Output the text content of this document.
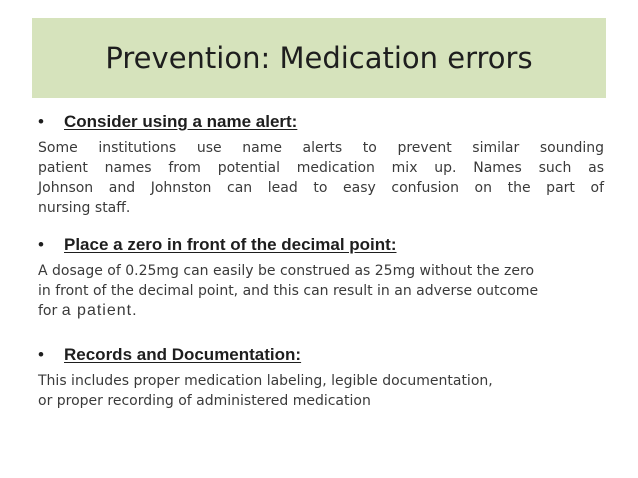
Prevention: Medication errors
•	Consider using a name alert:
Some institutions use name alerts to prevent similar sounding
patient names from potential medication mix up. Names such as
Johnson and Johnston can lead to easy confusion on the part of
nursing staff.
•	Place a zero in front of the decimal point:
A dosage of 0.25mg can easily be construed as 25mg without the zero
in front of the decimal point, and this can result in an adverse outcome
for a patient.
•	Records and Documentation:
This includes proper medication labeling, legible documentation,
or proper recording of administered medication
